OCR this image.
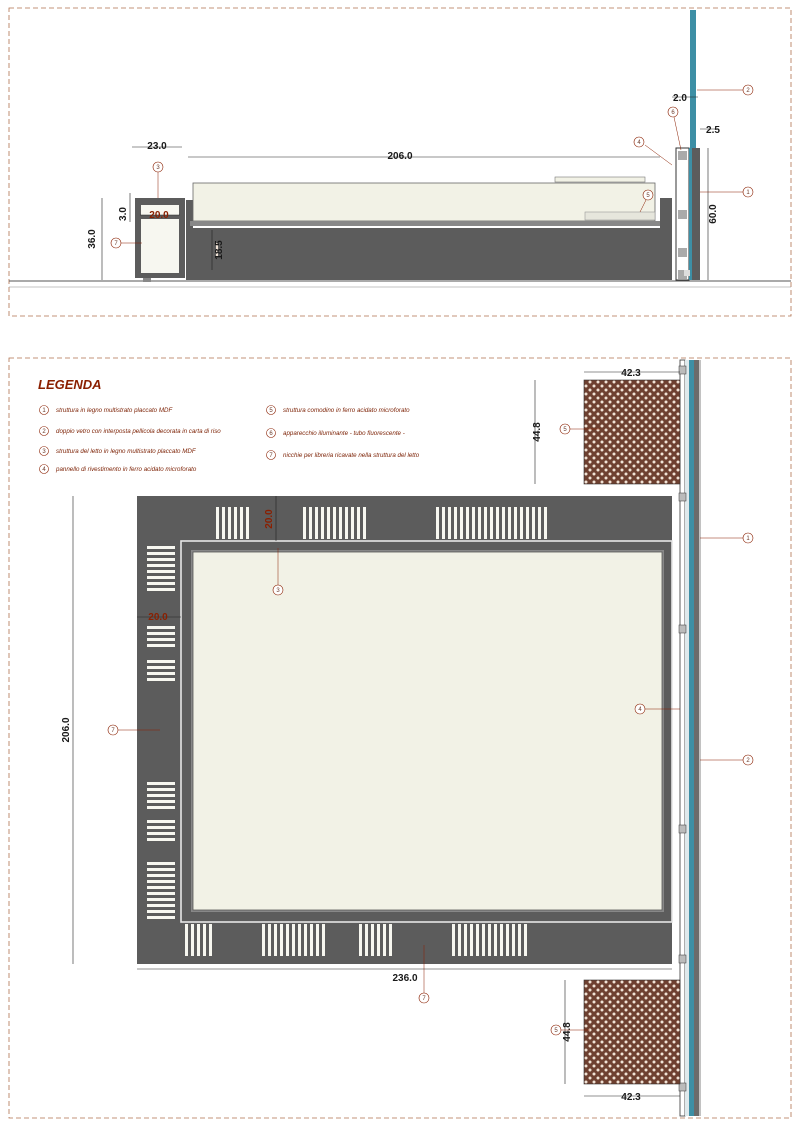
206.0
23.0
36.0
3.0 20.0
18.5
60.0
2.0
2.5
2
1
4
3
6
5
7
LEGENDA
1 struttura in legno multistrato placcato MDF
2 doppio vetro con interposta pellicola decorata in carta di riso
3 struttura del letto in legno multistrato placcato MDF
4 pannello di rivestimento in ferro acidato microforato
5 struttura comodino in ferro acidato microforato
6 apparecchio illuminante - tubo fluorescente -
7 nicchie per libreria ricavate nella struttura del letto
42.3
44.8
20.0
20.0
206.0
236.0
44.8
42.3
5
1
3
7
4
2
7
5
